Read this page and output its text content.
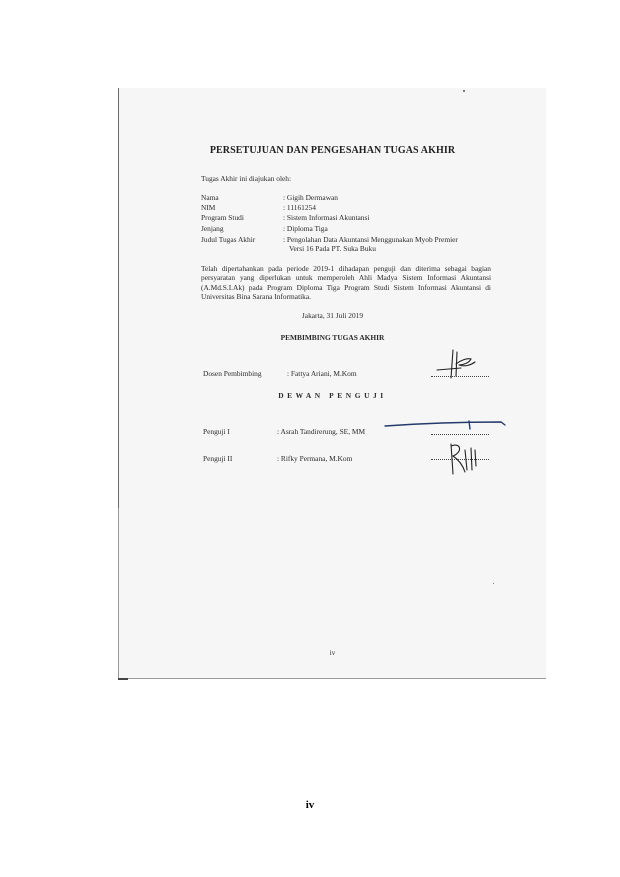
PERSETUJUAN DAN PENGESAHAN TUGAS AKHIR
Tugas Akhir ini diajukan oleh:
Nama	: Gigih Dermawan
NIM	: 11161254
Program Studi	: Sistem Informasi Akuntansi
Jenjang	: Diploma Tiga
Judul Tugas Akhir	: Pengolahan Data Akuntansi Menggunakan Myob Premier
Versi 16 Pada PT. Suka Buku
Telah dipertahankan pada periode 2019-1 dihadapan penguji dan diterima sebagai bagian persyaratan yang diperlukan untuk memperoleh Ahli Madya Sistem Informasi Akuntansi (A.Md.S.I.Ak) pada Program Diploma Tiga Program Studi Sistem Informasi Akuntansi di Universitas Bina Sarana Informatika.
Jakarta, 31 Juli 2019
PEMBIMBING TUGAS AKHIR
Dosen Pembimbing	: Fattya Ariani, M.Kom
DEWAN PENGUJI
Penguji I	: Asrah Tandirerung, SE, MM
Penguji II	: Rifky Permana, M.Kom
iv
iv
